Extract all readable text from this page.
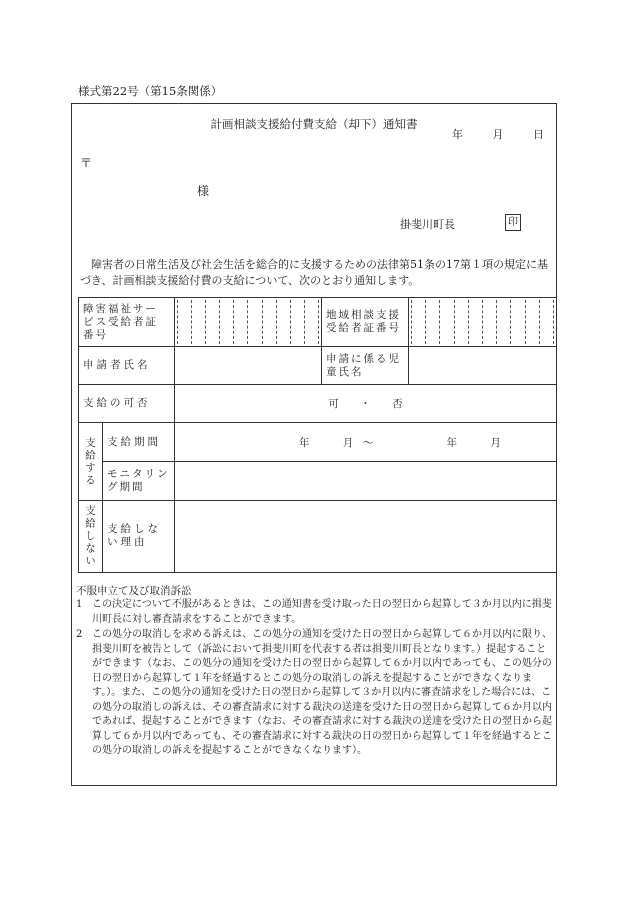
様式第22号（第15条関係）
計画相談支援給付費支給（却下）通知書
年	月	日
〒
様
掛斐川町長	印
障害者の日常生活及び社会生活を総合的に支援するための法律第51条の17第１項の規定に基づき、計画相談支援給付費の支給について、次のとおり通知します。
障害福祉サービス受給者証番号			地域相談支援受給者証番号	

申請者氏名			申請に係る児童氏名	
支給の可否		可 ・ 否		
支給する	支給期間	年 月 ～ 年 月		
	モニタリング期間			
支給しない	支給しない理由			
不服申立て及び取消訴訟
1 この決定について不服があるときは、この通知書を受け取った日の翌日から起算して３か月以内に揖斐川町長に対し審査請求をすることができます。
2 この処分の取消しを求める訴えは、この処分の通知を受けた日の翌日から起算して６か月以内に限り、揖斐川町を被告として（訴訟において揖斐川町を代表する者は揖斐川町長となります。）提起することができます（なお、この処分の通知を受けた日の翌日から起算して６か月以内であっても、この処分の日の翌日から起算して１年を経過するとこの処分の取消しの訴えを提起することができなくなります。）。また、この処分の通知を受けた日の翌日から起算して３か月以内に審査請求をした場合には、この処分の取消しの訴えは、その審査請求に対する裁決の送達を受けた日の翌日から起算して６か月以内であれば、提起することができます（なお、その審査請求に対する裁決の送達を受けた日の翌日から起算して６か月以内であっても、その審査請求に対する裁決の日の翌日から起算して１年を経過するとこの処分の取消しの訴えを提起することができなくなります）。
